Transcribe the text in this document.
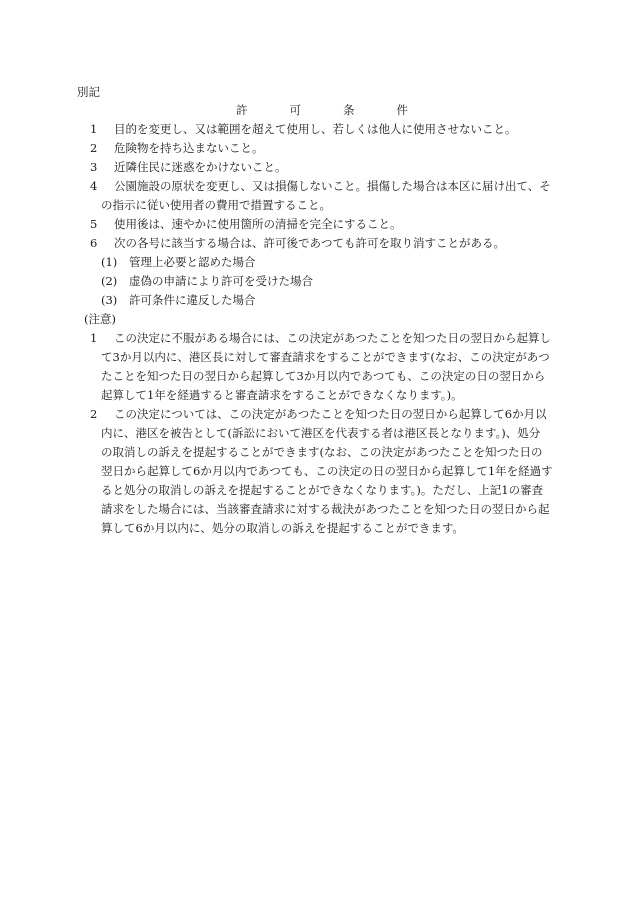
別記
許	可	条	件
1 目的を変更し、又は範囲を超えて使用し、若しくは他人に使用させないこと。
2 危険物を持ち込まないこと。
3 近隣住民に迷惑をかけないこと。
4 公園施設の原状を変更し、又は損傷しないこと。損傷した場合は本区に届け出て、そ
の指示に従い使用者の費用で措置すること。
5 使用後は、速やかに使用箇所の清掃を完全にすること。
6 次の各号に該当する場合は、許可後であつても許可を取り消すことがある。
(1) 管理上必要と認めた場合
(2) 虚偽の申請により許可を受けた場合
(3) 許可条件に違反した場合
(注意)
1 この決定に不服がある場合には、この決定があつたことを知つた日の翌日から起算し
て3か月以内に、港区長に対して審査請求をすることができます(なお、この決定があつ
たことを知つた日の翌日から起算して3か月以内であつても、この決定の日の翌日から
起算して1年を経過すると審査請求をすることができなくなります。)。
2 この決定については、この決定があつたことを知つた日の翌日から起算して6か月以
内に、港区を被告として(訴訟において港区を代表する者は港区長となります。)、処分
の取消しの訴えを提起することができます(なお、この決定があつたことを知つた日の
翌日から起算して6か月以内であつても、この決定の日の翌日から起算して1年を経過す
ると処分の取消しの訴えを提起することができなくなります。)。ただし、上記1の審査
請求をした場合には、当該審査請求に対する裁決があつたことを知つた日の翌日から起
算して6か月以内に、処分の取消しの訴えを提起することができます。
